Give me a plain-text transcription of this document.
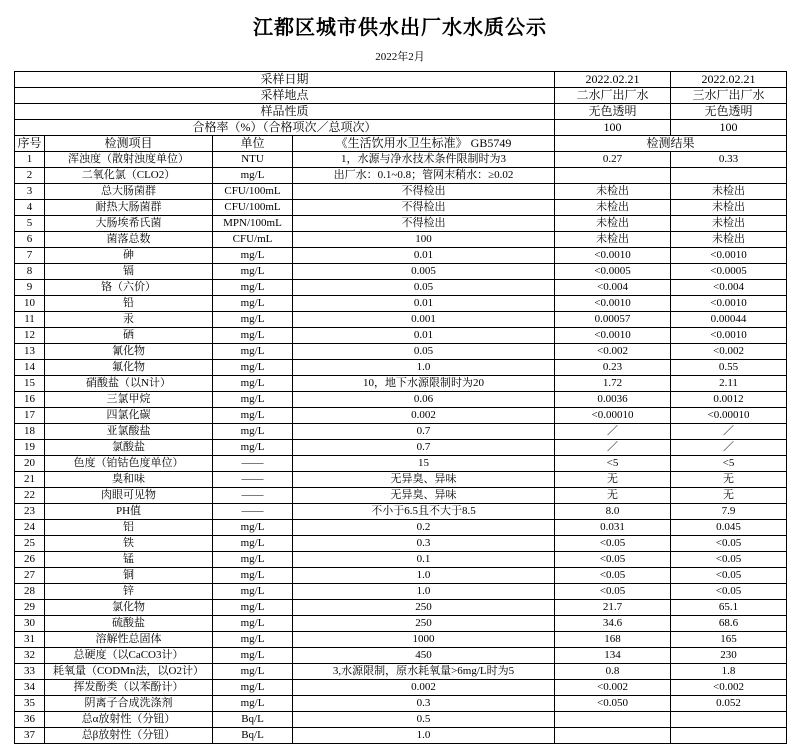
江都区城市供水出厂水水质公示
2022年2月
采样日期				2022.02.21	2022.02.21
采样地点				二水厂出厂水	三水厂出厂水
样品性质				无色透明	无色透明
合格率（%）（合格项次／总项次）				100	100
序号	检测项目	单位	《生活饮用水卫生标准》 GB5749	检测结果	
1	浑浊度（散射浊度单位）	NTU	1，水源与净水技术条件限制时为3	0.27	0.33
2	二氧化氯（CLO2）	mg/L	出厂水：0.1~0.8；管网末稍水：≥0.02		
3	总大肠菌群	CFU/100mL	不得检出	未检出	未检出
4	耐热大肠菌群	CFU/100mL	不得检出	未检出	未检出
5	大肠埃希氏菌	MPN/100mL	不得检出	未检出	未检出
6	菌落总数	CFU/mL	100	未检出	未检出
7	砷	mg/L	0.01	<0.0010	<0.0010
8	镉	mg/L	0.005	<0.0005	<0.0005
9	铬（六价）	mg/L	0.05	<0.004	<0.004
10	铅	mg/L	0.01	<0.0010	<0.0010
11	汞	mg/L	0.001	0.00057	0.00044
12	硒	mg/L	0.01	<0.0010	<0.0010
13	氰化物	mg/L	0.05	<0.002	<0.002
14	氟化物	mg/L	1.0	0.23	0.55
15	硝酸盐（以N计）	mg/L	10，地下水源限制时为20	1.72	2.11
16	三氯甲烷	mg/L	0.06	0.0036	0.0012
17	四氯化碳	mg/L	0.002	<0.00010	<0.00010
18	亚氯酸盐	mg/L	0.7	／	／
19	氯酸盐	mg/L	0.7	／	／
20	色度（铂钴色度单位）	——	15	<5	<5
21	臭和味	——	无异臭、异味	无	无
22	肉眼可见物	——	无异臭、异味	无	无
23	PH值	——	不小于6.5且不大于8.5	8.0	7.9
24	铝	mg/L	0.2	0.031	0.045
25	铁	mg/L	0.3	<0.05	<0.05
26	锰	mg/L	0.1	<0.05	<0.05
27	铜	mg/L	1.0	<0.05	<0.05
28	锌	mg/L	1.0	<0.05	<0.05
29	氯化物	mg/L	250	21.7	65.1
30	硫酸盐	mg/L	250	34.6	68.6
31	溶解性总固体	mg/L	1000	168	165
32	总硬度（以CaCO3计）	mg/L	450	134	230
33	耗氧量（CODMn法，以O2计）	mg/L	3,水源限制，原水耗氧量>6mg/L时为5	0.8	1.8
34	挥发酚类（以苯酚计）	mg/L	0.002	<0.002	<0.002
35	阴离子合成洗涤剂	mg/L	0.3	<0.050	0.052
36	总α放射性（分钮）	Bq/L	0.5		
37	总β放射性（分钮）	Bq/L	1.0		
